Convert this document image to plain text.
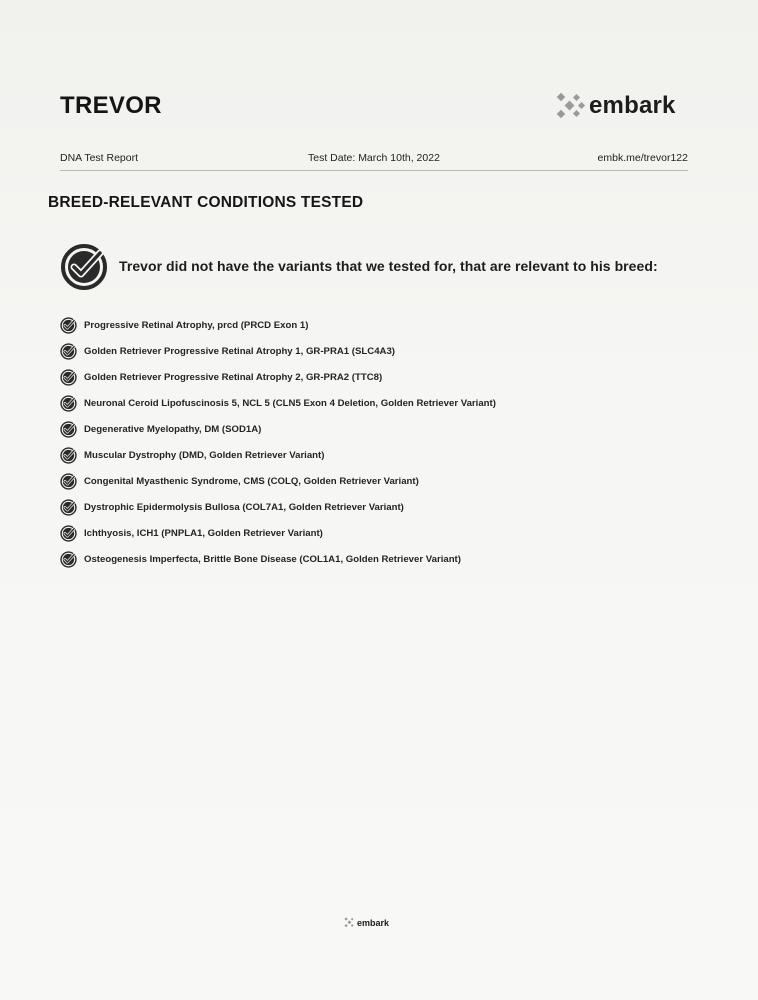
TREVOR	embark
DNA Test Report	Test Date: March 10th, 2022	embk.me/trevor122
BREED-RELEVANT CONDITIONS TESTED
Trevor did not have the variants that we tested for, that are relevant to his breed:
Progressive Retinal Atrophy, prcd (PRCD Exon 1)
Golden Retriever Progressive Retinal Atrophy 1, GR-PRA1 (SLC4A3)
Golden Retriever Progressive Retinal Atrophy 2, GR-PRA2 (TTC8)
Neuronal Ceroid Lipofuscinosis 5, NCL 5 (CLN5 Exon 4 Deletion, Golden Retriever Variant)
Degenerative Myelopathy, DM (SOD1A)
Muscular Dystrophy (DMD, Golden Retriever Variant)
Congenital Myasthenic Syndrome, CMS (COLQ, Golden Retriever Variant)
Dystrophic Epidermolysis Bullosa (COL7A1, Golden Retriever Variant)
Ichthyosis, ICH1 (PNPLA1, Golden Retriever Variant)
Osteogenesis Imperfecta, Brittle Bone Disease (COL1A1, Golden Retriever Variant)
embark
